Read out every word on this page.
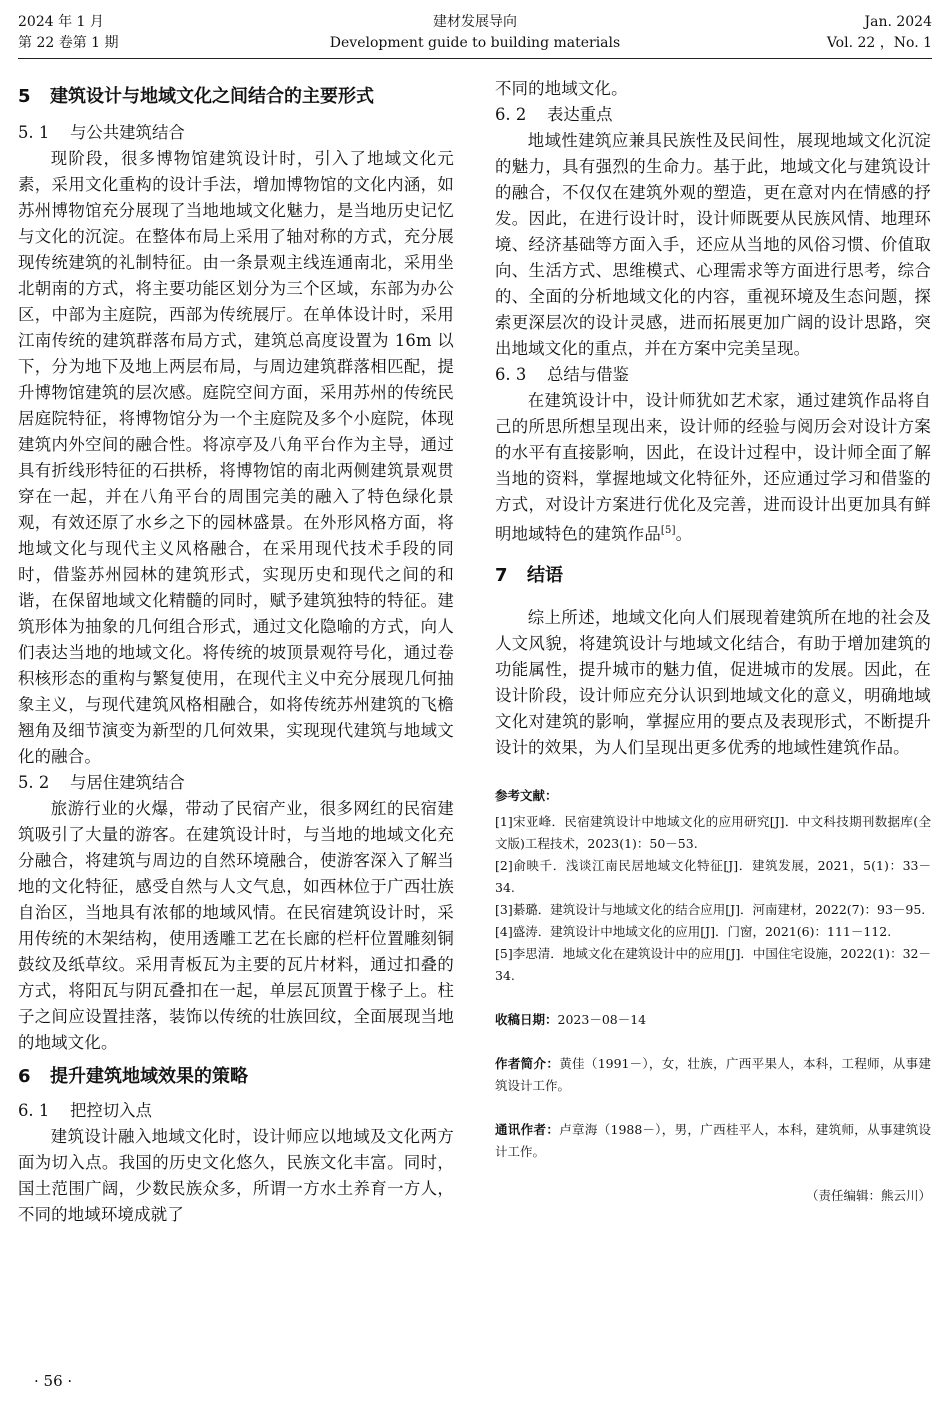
2024 年 1 月
第 22 卷第 1 期
建材发展导向
Development guide to building materials
Jan. 2024
Vol. 22 ，No. 1
5 建筑设计与地域文化之间结合的主要形式
5. 1 与公共建筑结合

现阶段，很多博物馆建筑设计时，引入了地域文化元素，采用文化重构的设计手法，增加博物馆的文化内涵，如苏州博物馆充分展现了当地地域文化魅力，是当地历史记忆与文化的沉淀。在整体布局上采用了轴对称的方式，充分展现传统建筑的礼制特征。由一条景观主线连通南北，采用坐北朝南的方式，将主要功能区划分为三个区域，东部为办公区，中部为主庭院，西部为传统展厅。在单体设计时，采用江南传统的建筑群落布局方式，建筑总高度设置为 16m 以下，分为地下及地上两层布局，与周边建筑群落相匹配，提升博物馆建筑的层次感。庭院空间方面，采用苏州的传统民居庭院特征，将博物馆分为一个主庭院及多个小庭院，体现建筑内外空间的融合性。将凉亭及八角平台作为主导，通过具有折线形特征的石拱桥，将博物馆的南北两侧建筑景观贯穿在一起，并在八角平台的周围完美的融入了特色绿化景观，有效还原了水乡之下的园林盛景。在外形风格方面，将地域文化与现代主义风格融合，在采用现代技术手段的同时，借鉴苏州园林的建筑形式，实现历史和现代之间的和谐，在保留地域文化精髓的同时，赋予建筑独特的特征。建筑形体为抽象的几何组合形式，通过文化隐喻的方式，向人们表达当地的地域文化。将传统的坡顶景观符号化，通过卷积核形态的重构与繁复使用，在现代主义中充分展现几何抽象主义，与现代建筑风格相融合，如将传统苏州建筑的飞檐翘角及细节演变为新型的几何效果，实现现代建筑与地域文化的融合。

5. 2 与居住建筑结合

旅游行业的火爆，带动了民宿产业，很多网红的民宿建筑吸引了大量的游客。在建筑设计时，与当地的地域文化充分融合，将建筑与周边的自然环境融合，使游客深入了解当地的文化特征，感受自然与人文气息，如西林位于广西壮族自治区，当地具有浓郁的地域风情。在民宿建筑设计时，采用传统的木架结构，使用透雕工艺在长廊的栏杆位置雕刻铜鼓纹及纸草纹。采用青板瓦为主要的瓦片材料，通过扣叠的方式，将阳瓦与阴瓦叠扣在一起，单层瓦顶置于椽子上。柱子之间应设置挂落，装饰以传统的壮族回纹，全面展现当地的地域文化。

6 提升建筑地域效果的策略
6. 1 把控切入点

建筑设计融入地域文化时，设计师应以地域及文化两方面为切入点。我国的历史文化悠久，民族文化丰富。同时，国土范围广阔，少数民族众多，所谓一方水土养育一方人，不同的地域环境成就了

不同的地域文化。

6. 2 表达重点

地域性建筑应兼具民族性及民间性，展现地域文化沉淀的魅力，具有强烈的生命力。基于此，地域文化与建筑设计的融合，不仅仅在建筑外观的塑造，更在意对内在情感的抒发。因此，在进行设计时，设计师既要从民族风情、地理环境、经济基础等方面入手，还应从当地的风俗习惯、价值取向、生活方式、思维模式、心理需求等方面进行思考，综合的、全面的分析地域文化的内容，重视环境及生态问题，探索更深层次的设计灵感，进而拓展更加广阔的设计思路，突出地域文化的重点，并在方案中完美呈现。

6. 3 总结与借鉴

在建筑设计中，设计师犹如艺术家，通过建筑作品将自己的所思所想呈现出来，设计师的经验与阅历会对设计方案的水平有直接影响，因此，在设计过程中，设计师全面了解当地的资料，掌握地域文化特征外，还应通过学习和借鉴的方式，对设计方案进行优化及完善，进而设计出更加具有鲜明地域特色的建筑作品[5]。

7 结语

综上所述，地域文化向人们展现着建筑所在地的社会及人文风貌，将建筑设计与地域文化结合，有助于增加建筑的功能属性，提升城市的魅力值，促进城市的发展。因此，在设计阶段，设计师应充分认识到地域文化的意义，明确地域文化对建筑的影响，掌握应用的要点及表现形式，不断提升设计的效果，为人们呈现出更多优秀的地域性建筑作品。

参考文献：

[1]宋亚峰．民宿建筑设计中地域文化的应用研究[J]．中文科技期刊数据库(全文版)工程技术，2023(1)：50－53.

[2]俞映千．浅谈江南民居地域文化特征[J]．建筑发展，2021，5(1)：33－34.

[3]綦璐．建筑设计与地域文化的结合应用[J]．河南建材，2022(7)：93－95.

[4]盛涛．建筑设计中地域文化的应用[J]．门窗，2021(6)：111－112.

[5]李思清．地域文化在建筑设计中的应用[J]．中国住宅设施，2022(1)：32－34.

收稿日期：2023－08－14

作者简介：黄佳（1991－），女，壮族，广西平果人，本科，工程师，从事建筑设计工作。

通讯作者：卢章海（1988－），男，广西桂平人，本科，建筑师，从事建筑设计工作。

（责任编辑：熊云川）

· 56 ·
